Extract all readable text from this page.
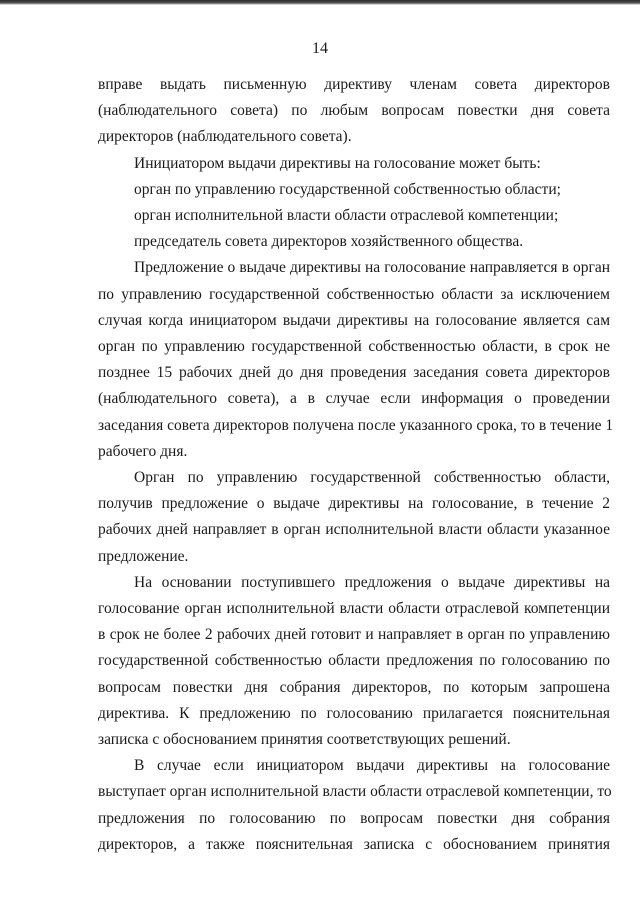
14
вправе выдать письменную директиву членам совета директоров
(наблюдательного совета) по любым вопросам повестки дня совета
директоров (наблюдательного совета).
Инициатором выдачи директивы на голосование может быть:
орган по управлению государственной собственностью области;
орган исполнительной власти области отраслевой компетенции;
председатель совета директоров хозяйственного общества.
Предложение о выдаче директивы на голосование направляется в орган
по управлению государственной собственностью области за исключением
случая когда инициатором выдачи директивы на голосование является сам
орган по управлению государственной собственностью области, в срок не
позднее 15 рабочих дней до дня проведения заседания совета директоров
(наблюдательного совета), а в случае если информация о проведении
заседания совета директоров получена после указанного срока, то в течение 1
рабочего дня.
Орган по управлению государственной собственностью области,
получив предложение о выдаче директивы на голосование, в течение 2
рабочих дней направляет в орган исполнительной власти области указанное
предложение.
На основании поступившего предложения о выдаче директивы на
голосование орган исполнительной власти области отраслевой компетенции
в срок не более 2 рабочих дней готовит и направляет в орган по управлению
государственной собственностью области предложения по голосованию по
вопросам повестки дня собрания директоров, по которым запрошена
директива. К предложению по голосованию прилагается пояснительная
записка с обоснованием принятия соответствующих решений.
В случае если инициатором выдачи директивы на голосование
выступает орган исполнительной власти области отраслевой компетенции, то
предложения по голосованию по вопросам повестки дня собрания
директоров, а также пояснительная записка с обоснованием принятия
